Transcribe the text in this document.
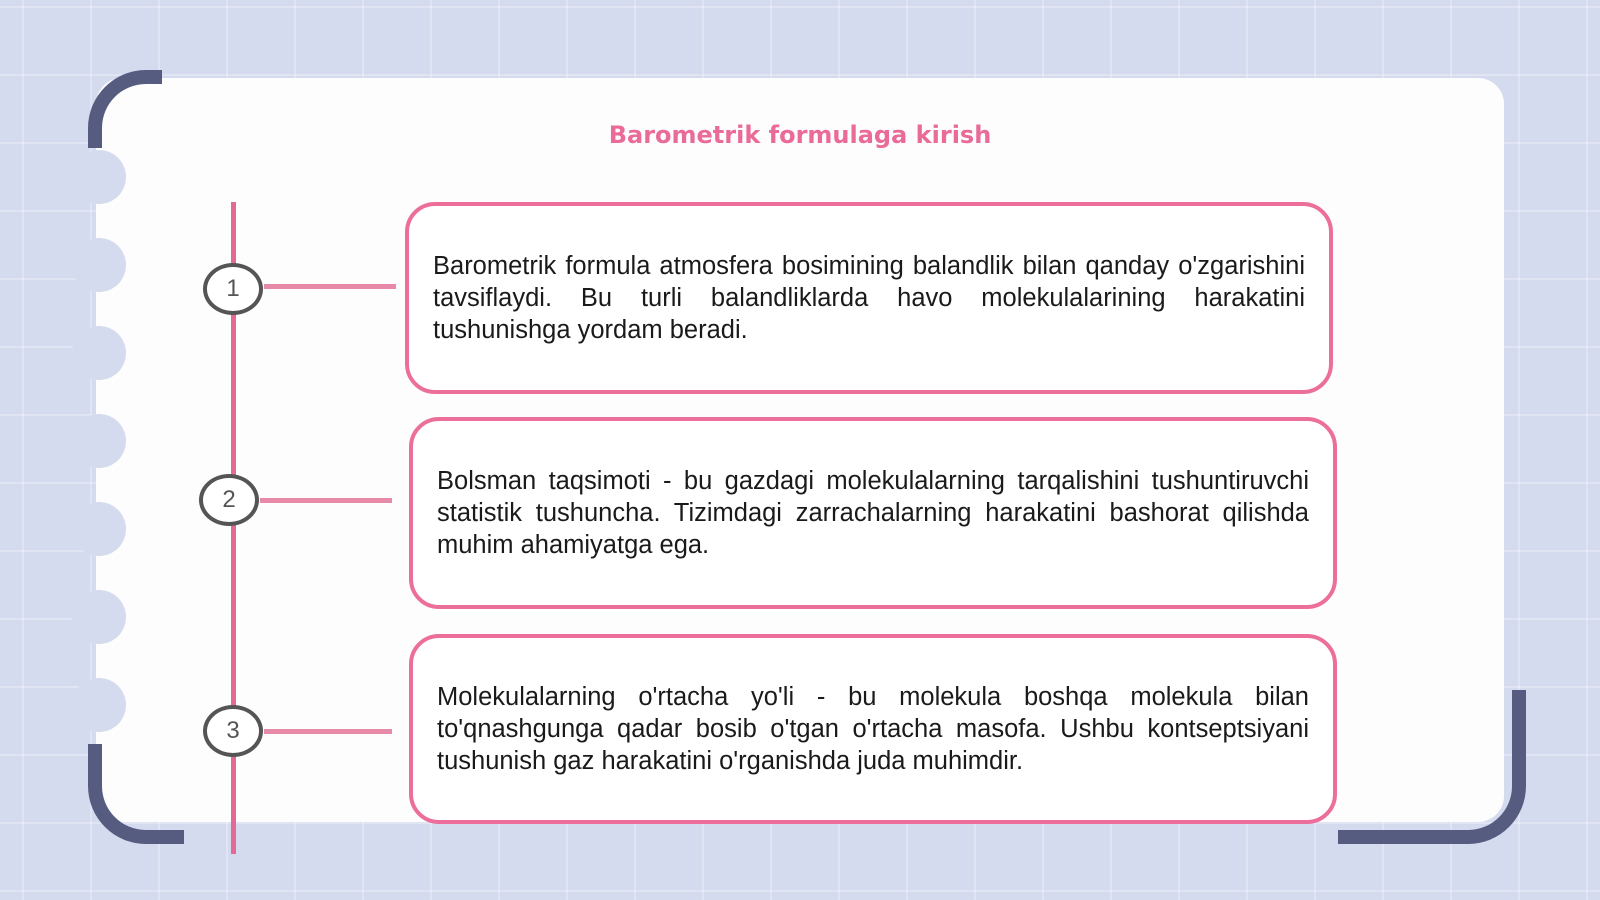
Barometrik formulaga kirish
1
2
3

Barometrik formula atmosfera bosimining balandlik bilan qanday o'zgarishini tavsiflaydi. Bu turli balandliklarda havo molekulalarining harakatini tushunishga yordam beradi.

Bolsman taqsimoti - bu gazdagi molekulalarning tarqalishini tushuntiruvchi statistik tushuncha. Tizimdagi zarrachalarning harakatini bashorat qilishda muhim ahamiyatga ega.

Molekulalarning o'rtacha yo'li - bu molekula boshqa molekula bilan to'qnashgunga qadar bosib o'tgan o'rtacha masofa. Ushbu kontseptsiyani tushunish gaz harakatini o'rganishda juda muhimdir.
